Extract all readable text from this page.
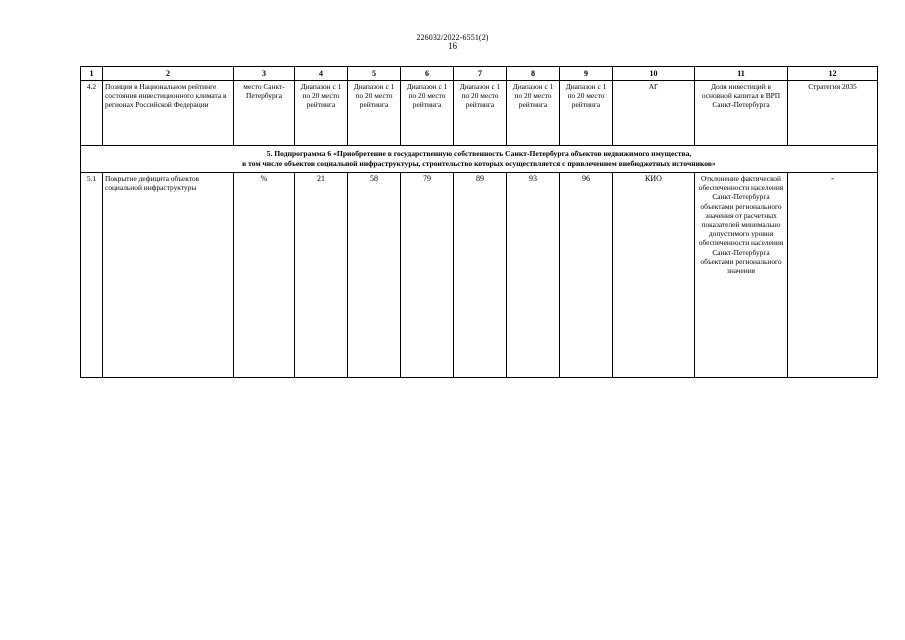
226032/2022-6551(2)
16
1	2	3	4	5	6	7	8	9	10	11	12
4.2	Позиция в Национальном рейтинге состояния инвестиционного климата в регионах Российской Федерации	место Санкт-Петербурга	Диапазон с 1 по 20 место рейтинга	Диапазон с 1 по 20 место рейтинга	Диапазон с 1 по 20 место рейтинга	Диапазон с 1 по 20 место рейтинга	Диапазон с 1 по 20 место рейтинга	Диапазон с 1 по 20 место рейтинга	АГ	Доля инвестиций в основной капитал в ВРП Санкт-Петербурга	Стратегия 2035

5. Подпрограмма 6 «Приобретение в государственную собственность Санкт-Петербурга объектов недвижимого имущества,
в том числе объектов социальной инфраструктуры, строительство которых осуществляется с привлечением внебюджетных источников»											

5.1	Покрытие дефицита объектов социальной инфраструктуры	%	21	58	79	89	93	96	КИО	Отклонение фактической обеспеченности населения Санкт-Петербурга объектами регионального значения от расчетных показателей минимально допустимого уровня обеспеченности населения Санкт-Петербурга объектами регионального значения	-
